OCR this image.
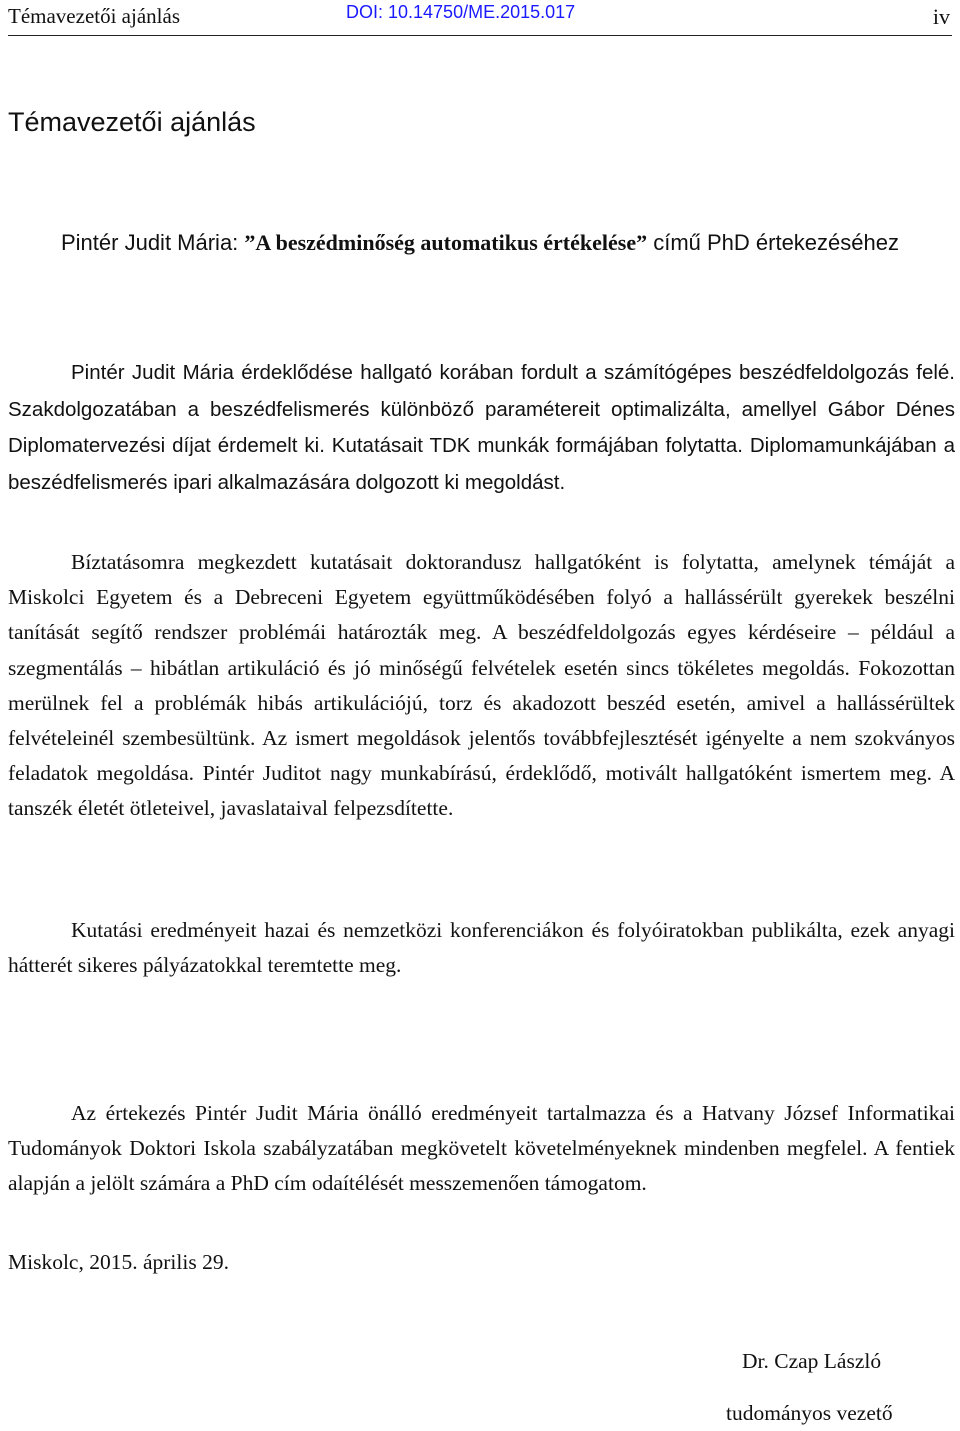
Témavezetői ajánlás	DOI: 10.14750/ME.2015.017	iv
Témavezetői ajánlás
Pintér Judit Mária: ”A beszédminőség automatikus értékelése” című PhD értekezéséhez

Pintér Judit Mária érdeklődése hallgató korában fordult a számítógépes beszédfeldolgozás felé. Szakdolgozatában a beszédfelismerés különböző paramétereit optimalizálta, amellyel Gábor Dénes Diplomatervezési díjat érdemelt ki. Kutatásait TDK munkák formájában folytatta. Diplomamunkájában a beszédfelismerés ipari alkalmazására dolgozott ki megoldást.

Bíztatásomra megkezdett kutatásait doktorandusz hallgatóként is folytatta, amelynek témáját a Miskolci Egyetem és a Debreceni Egyetem együttműködésében folyó a hallássérült gyerekek beszélni tanítását segítő rendszer problémái határozták meg. A beszédfeldolgozás egyes kérdéseire – például a szegmentálás – hibátlan artikuláció és jó minőségű felvételek esetén sincs tökéletes megoldás. Fokozottan merülnek fel a problémák hibás artikulációjú, torz és akadozott beszéd esetén, amivel a hallássérültek felvételeinél szembesültünk. Az ismert megoldások jelentős továbbfejlesztését igényelte a nem szokványos feladatok megoldása. Pintér Juditot nagy munkabírású, érdeklődő, motivált hallgatóként ismertem meg. A tanszék életét ötleteivel, javaslataival felpezsdítette.

Kutatási eredményeit hazai és nemzetközi konferenciákon és folyóiratokban publikálta, ezek anyagi hátterét sikeres pályázatokkal teremtette meg.

Az értekezés Pintér Judit Mária önálló eredményeit tartalmazza és a Hatvany József Informatikai Tudományok Doktori Iskola szabályzatában megkövetelt követelményeknek mindenben megfelel. A fentiek alapján a jelölt számára a PhD cím odaítélését messzemenően támogatom.

Miskolc, 2015. április 29.
Dr. Czap László
tudományos vezető
